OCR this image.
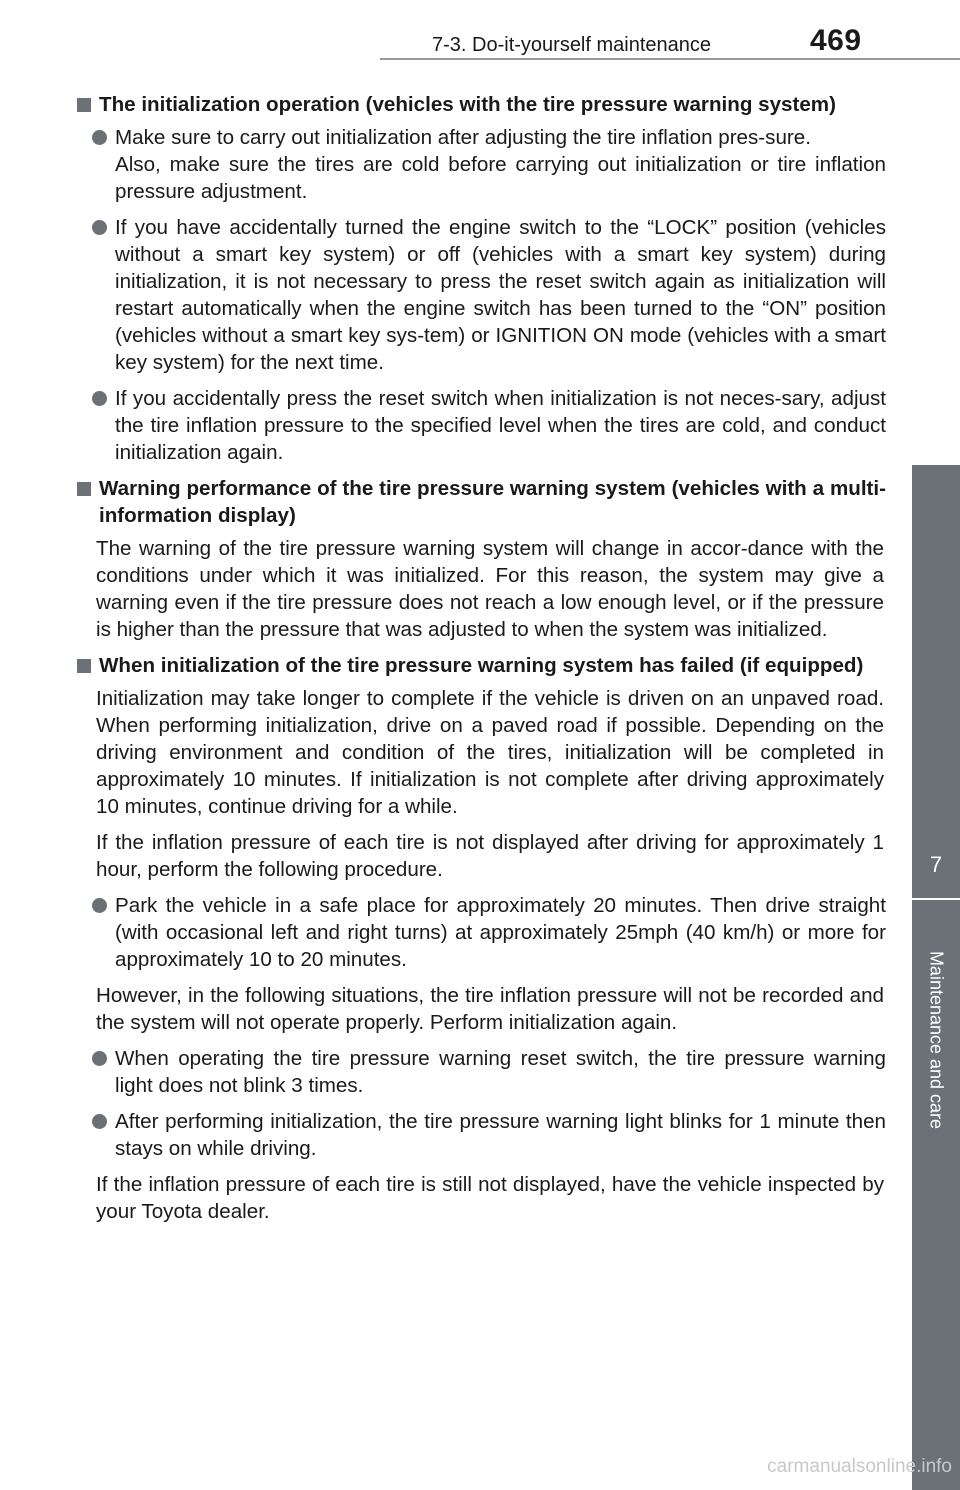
7-3. Do-it-yourself maintenance	469
7
Maintenance and care
The initialization operation (vehicles with the tire pressure warning system)
Make sure to carry out initialization after adjusting the tire inflation pres-sure.
Also, make sure the tires are cold before carrying out initialization or tire inflation pressure adjustment.
If you have accidentally turned the engine switch to the “LOCK” position (vehicles without a smart key system) or off (vehicles with a smart key system) during initialization, it is not necessary to press the reset switch again as initialization will restart automatically when the engine switch has been turned to the “ON” position (vehicles without a smart key sys-tem) or IGNITION ON mode (vehicles with a smart key system) for the next time.
If you accidentally press the reset switch when initialization is not neces-sary, adjust the tire inflation pressure to the specified level when the tires are cold, and conduct initialization again.
Warning performance of the tire pressure warning system (vehicles with a multi-information display)
The warning of the tire pressure warning system will change in accor-dance with the conditions under which it was initialized. For this reason, the system may give a warning even if the tire pressure does not reach a low enough level, or if the pressure is higher than the pressure that was adjusted to when the system was initialized.
When initialization of the tire pressure warning system has failed (if equipped)
Initialization may take longer to complete if the vehicle is driven on an unpaved road. When performing initialization, drive on a paved road if possible. Depending on the driving environment and condition of the tires, initialization will be completed in approximately 10 minutes. If initialization is not complete after driving approximately 10 minutes, continue driving for a while.
If the inflation pressure of each tire is not displayed after driving for approximately 1 hour, perform the following procedure.
Park the vehicle in a safe place for approximately 20 minutes. Then drive straight (with occasional left and right turns) at approximately 25mph (40 km/h) or more for approximately 10 to 20 minutes.
However, in the following situations, the tire inflation pressure will not be recorded and the system will not operate properly. Perform initialization again.
When operating the tire pressure warning reset switch, the tire pressure warning light does not blink 3 times.
After performing initialization, the tire pressure warning light blinks for 1 minute then stays on while driving.
If the inflation pressure of each tire is still not displayed, have the vehicle inspected by your Toyota dealer.
carmanualsonline.info
